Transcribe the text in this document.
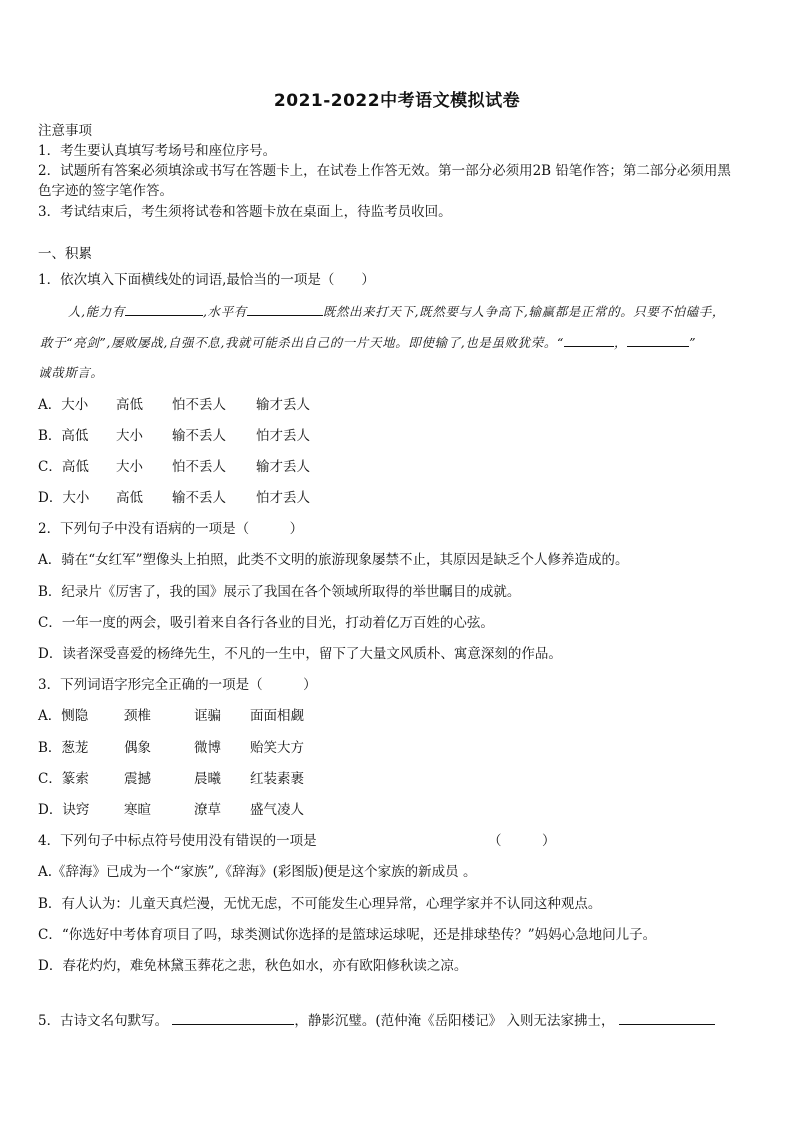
2021-2022中考语文模拟试卷
注意事项
1．考生要认真填写考场号和座位序号。
2．试题所有答案必须填涂或书写在答题卡上，在试卷上作答无效。第一部分必须用2B 铅笔作答；第二部分必须用黑
色字迹的签字笔作答。
3．考试结束后，考生须将试卷和答题卡放在桌面上，待监考员收回。
一、积累
1．依次填入下面横线处的词语,最恰当的一项是（　　）
人,能力有	,水平有	既然出来打天下,既然要与人争高下,输赢都是正常的。只要不怕磕手，
敢于“亮剑”,屡败屡战,自强不息,我就可能杀出自己的一片天地。即使输了,也是虽败犹荣。“	，	”
诚哉斯言。
A．大小 高低 怕不丢人 输才丢人
B．高低 大小 输不丢人 怕才丢人
C．高低 大小 怕不丢人 输才丢人
D．大小 高低 输不丢人 怕才丢人
2．下列句子中没有语病的一项是（　　　）
A．骑在“女红军”塑像头上拍照，此类不文明的旅游现象屡禁不止，其原因是缺乏个人修养造成的。
B．纪录片《厉害了，我的国》展示了我国在各个领域所取得的举世瞩目的成就。
C．一年一度的两会，吸引着来自各行各业的目光，打动着亿万百姓的心弦。
D．读者深受喜爱的杨绛先生，不凡的一生中，留下了大量文风质朴、寓意深刻的作品。
3．下列词语字形完全正确的一项是（　　　）
A．恻隐	颈椎	诓骗 面面相觑
B．葱茏	偶象	微博 贻笑大方
C．篆索	震撼	晨曦 红装素裹
D．诀窍	寒暄	潦草 盛气凌人
4．下列句子中标点符号使用没有错误的一项是	（　　　）
A.《辞海》已成为一个“家族”,《辞海》(彩图版)便是这个家族的新成员 。
B．有人认为：儿童天真烂漫，无忧无虑，不可能发生心理异常，心理学家并不认同这种观点。
C．“你选好中考体育项目了吗，球类测试你选择的是篮球运球呢，还是排球垫传？”妈妈心急地问儿子。
D．春花灼灼，难免林黛玉葬花之悲，秋色如水，亦有欧阳修秋读之凉。
5．古诗文名句默写。	，静影沉璧。(范仲淹《岳阳楼记》 入则无法家拂士，
